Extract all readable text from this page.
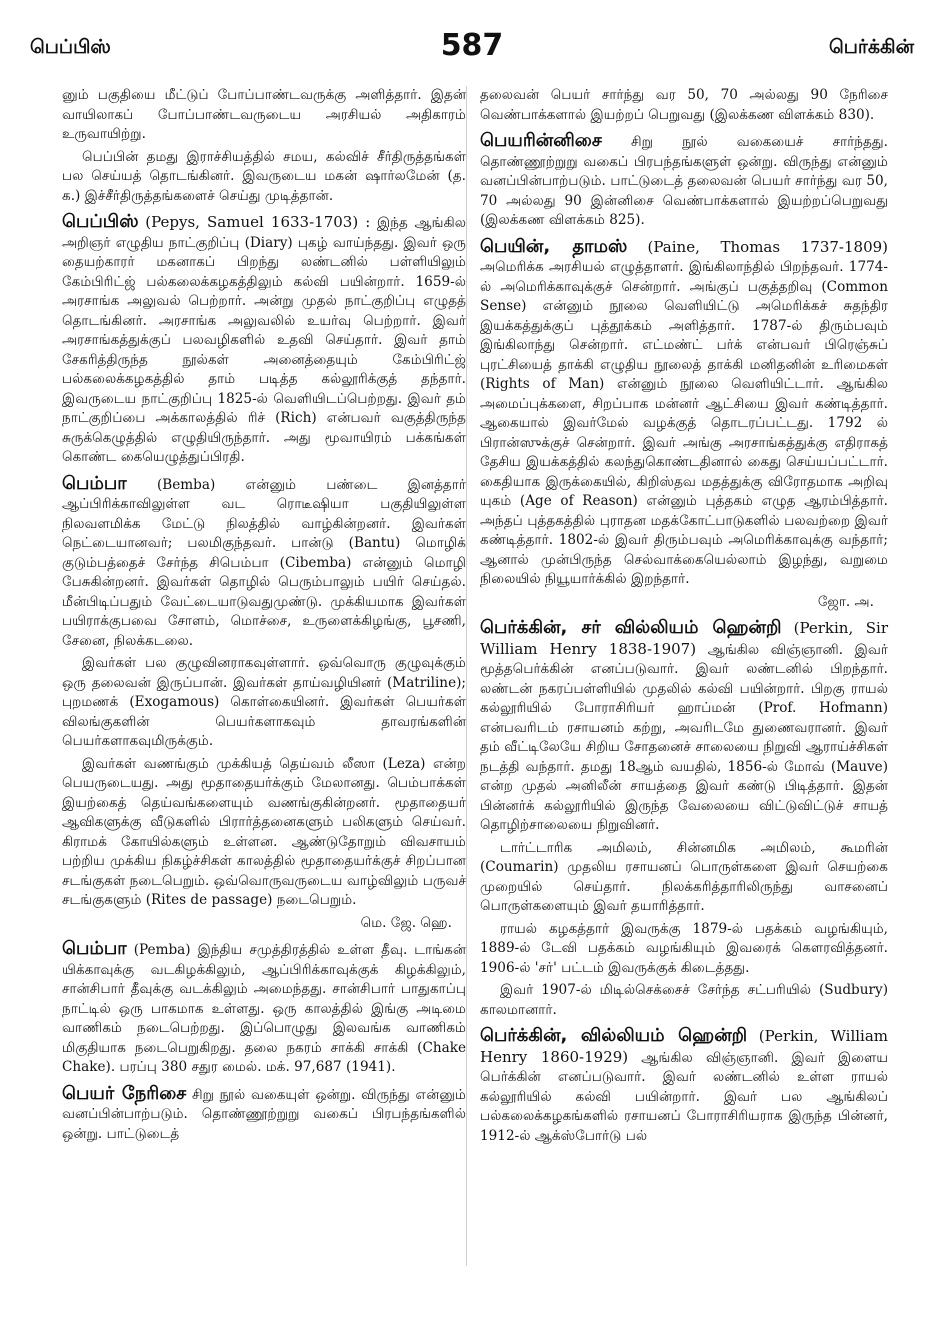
பெப்பிஸ்	587	பெர்க்கின்

னும் பகுதியை மீட்டுப் போப்பாண்டவருக்கு அளித்தார். இதன் வாயிலாகப் போப்பாண்டவருடைய அரசியல் அதிகாரம் உருவாயிற்று.

பெப்பின் தமது இராச்சியத்தில் சமய, கல்விச் சீர்திருத்தங்கள் பல செய்யத் தொடங்கினர். இவருடைய மகன் ஷார்லமேன் (த. க.) இச்சீர்திருத்தங்களைச் செய்து முடித்தான்.

பெப்பிஸ் (Pepys, Samuel 1633-1703) : இந்த ஆங்கில அறிஞர் எழுதிய நாட்குறிப்பு (Diary) புகழ் வாய்ந்தது. இவர் ஒரு தையற்காரர் மகனாகப் பிறந்து லண்டனில் பள்ளியிலும் கேம்பிரிட்ஜ் பல்கலைக்கழகத்திலும் கல்வி பயின்றார். 1659-ல் அரசாங்க அலுவல் பெற்றார். அன்று முதல் நாட்குறிப்பு எழுதத் தொடங்கினர். அரசாங்க அலுவலில் உயர்வு பெற்றார். இவர் அரசாங்கத்துக்குப் பலவழிகளில் உதவி செய்தார். இவர் தாம் சேகரித்திருந்த நூல்கள் அனைத்தையும் கேம்பிரிட்ஜ் பல்கலைக்கழகத்தில் தாம் படித்த கல்லூரிக்குத் தந்தார். இவருடைய நாட்குறிப்பு 1825-ல் வெளியிடப்பெற்றது. இவர் தம் நாட்குறிப்பை அக்காலத்தில் ரிச் (Rich) என்பவர் வகுத்திருந்த சுருக்கெழுத்தில் எழுதியிருந்தார். அது மூவாயிரம் பக்கங்கள் கொண்ட கையெழுத்துப்பிரதி.

பெம்பா (Bemba) என்னும் பண்டை இனத்தார் ஆப்பிரிக்காவிலுள்ள வட ரொடீஷியா பகுதியிலுள்ள நிலவளமிக்க மேட்டு நிலத்தில் வாழ்கின்றனர். இவர்கள் நெட்டையானவர்; பலமிகுந்தவர். பான்டு (Bantu) மொழிக் குடும்பத்தைச் சேர்ந்த சிபெம்பா (Cibemba) என்னும் மொழி பேசுகின்றனர். இவர்கள் தொழில் பெரும்பாலும் பயிர் செய்தல். மீன்பிடிப்பதும் வேட்டையாடுவதுமுண்டு. முக்கியமாக இவர்கள் பயிராக்குபவை சோளம், மொச்சை, உருளைக்கிழங்கு, பூசணி, சேனை, நிலக்கடலை.

இவர்கள் பல குழுவினராகவுள்ளார். ஒவ்வொரு குழுவுக்கும் ஒரு தலைவன் இருப்பான். இவர்கள் தாய்வழியினர் (Matriline); புறமணக் (Exogamous) கொள்கையினர். இவர்கள் பெயர்கள் விலங்குகளின் பெயர்களாகவும் தாவரங்களின் பெயர்களாகவுமிருக்கும்.

இவர்கள் வணங்கும் முக்கியத் தெய்வம் லீஸா (Leza) என்ற பெயருடையது. அது மூதாதையர்க்கும் மேலானது. பெம்பாக்கள் இயற்கைத் தெய்வங்களையும் வணங்குகின்றனர். மூதாதையர் ஆவிகளுக்கு வீடுகளில் பிரார்த்தனைகளும் பலிகளும் செய்வர். கிராமக் கோயில்களும் உள்ளன. ஆண்டுதோறும் விவசாயம் பற்றிய முக்கிய நிகழ்ச்சிகள் காலத்தில் மூதாதையர்க்குச் சிறப்பான சடங்குகள் நடைபெறும். ஒவ்வொருவருடைய வாழ்விலும் பருவச் சடங்குகளும் (Rites de passage) நடைபெறும்.

மெ. ஜே. ஹெ.

பெம்பா (Pemba) இந்திய சமுத்திரத்தில் உள்ள தீவு. டாங்கன் யிக்காவுக்கு வடகிழக்கிலும், ஆப்பிரிக்காவுக்குக் கிழக்கிலும், சான்சிபார் தீவுக்கு வடக்கிலும் அமைந்தது. சான்சிபார் பாதுகாப்பு நாட்டில் ஒரு பாகமாக உள்ளது. ஒரு காலத்தில் இங்கு அடிமை வாணிகம் நடைபெற்றது. இப்பொழுது இலவங்க வாணிகம் மிகுதியாக நடைபெறுகிறது. தலை நகரம் சாக்கி சாக்கி (Chake Chake). பரப்பு 380 சதுர மைல். மக். 97,687 (1941).

பெயர் நேரிசை சிறு நூல் வகையுள் ஒன்று. விருந்து என்னும் வனப்பின்பாற்படும். தொண்ணூற்றுறு வகைப் பிரபந்தங்களில் ஒன்று. பாட்டுடைத்

தலைவன் பெயர் சார்ந்து வர 50, 70 அல்லது 90 நேரிசை வெண்பாக்களால் இயற்றப் பெறுவது (இலக்கண விளக்கம் 830).

பெயரின்னிசை சிறு நூல் வகையைச் சார்ந்தது. தொண்ணூற்றுறு வகைப் பிரபந்தங்களுள் ஒன்று. விருந்து என்னும் வனப்பின்பாற்படும். பாட்டுடைத் தலைவன் பெயர் சார்ந்து வர 50, 70 அல்லது 90 இன்னிசை வெண்பாக்களால் இயற்றப்பெறுவது (இலக்கண விளக்கம் 825).

பெயின், தாமஸ் (Paine, Thomas 1737-1809) அமெரிக்க அரசியல் எழுத்தாளர். இங்கிலாந்தில் பிறந்தவர். 1774-ல் அமெரிக்காவுக்குச் சென்றார். அங்குப் பகுத்தறிவு (Common Sense) என்னும் நூலை வெளியிட்டு அமெரிக்கச் சுதந்திர இயக்கத்துக்குப் புத்தூக்கம் அளித்தார். 1787-ல் திரும்பவும் இங்கிலாந்து சென்றார். எட்மண்ட் பர்க் என்பவர் பிரெஞ்சுப் புரட்சியைத் தாக்கி எழுதிய நூலைத் தாக்கி மனிதனின் உரிமைகள் (Rights of Man) என்னும் நூலை வெளியிட்டார். ஆங்கில அமைப்புக்களை, சிறப்பாக மன்னர் ஆட்சியை இவர் கண்டித்தார். ஆகையால் இவர்மேல் வழக்குத் தொடரப்பட்டது. 1792 ல் பிரான்ஸுக்குச் சென்றார். இவர் அங்கு அரசாங்கத்துக்கு எதிராகத் தேசிய இயக்கத்தில் கலந்துகொண்டதினால் கைது செய்யப்பட்டார். கைதியாக இருக்கையில், கிறிஸ்தவ மதத்துக்கு விரோதமாக அறிவு யுகம் (Age of Reason) என்னும் புத்தகம் எழுத ஆரம்பித்தார். அந்தப் புத்தகத்தில் புராதன மதக்கோட்பாடுகளில் பலவற்றை இவர் கண்டித்தார். 1802-ல் இவர் திரும்பவும் அமெரிக்காவுக்கு வந்தார்; ஆனால் முன்பிருந்த செல்வாக்கையெல்லாம் இழந்து, வறுமை நிலையில் நியூயார்க்கில் இறந்தார்.

ஜோ. அ.

பெர்க்கின், சர் வில்லியம் ஹென்றி (Perkin, Sir William Henry 1838-1907) ஆங்கில விஞ்ஞானி. இவர் மூத்தபெர்க்கின் எனப்படுவார். இவர் லண்டனில் பிறந்தார். லண்டன் நகரப்பள்ளியில் முதலில் கல்வி பயின்றார். பிறகு ராயல் கல்லூரியில் போராசிரியர் ஹாப்மன் (Prof. Hofmann) என்பவரிடம் ரசாயனம் கற்று, அவரிடமே துணைவரானர். இவர் தம் வீட்டிலேயே சிறிய சோதனைச் சாலையை நிறுவி ஆராய்ச்சிகள் நடத்தி வந்தார். தமது 18ஆம் வயதில், 1856-ல் மோவ் (Mauve) என்ற முதல் அனிலீன் சாயத்தை இவர் கண்டு பிடித்தார். இதன் பின்னர்க் கல்லூரியில் இருந்த வேலையை விட்டுவிட்டுச் சாயத் தொழிற்சாலையை நிறுவினர்.

டார்ட்டாரிக அமிலம், சின்னமிக அமிலம், கூமரின் (Coumarin) முதலிய ரசாயனப் பொருள்களை இவர் செயற்கை முறையில் செய்தார். நிலக்கரித்தாரிலிருந்து வாசனைப் பொருள்களையும் இவர் தயாரித்தார்.

ராயல் கழகத்தார் இவருக்கு 1879-ல் பதக்கம் வழங்கியும், 1889-ல் டேவி பதக்கம் வழங்கியும் இவரைக் கௌரவித்தனர். 1906-ல் 'சர்' பட்டம் இவருக்குக் கிடைத்தது.

இவர் 1907-ல் மிடில்செக்சைச் சேர்ந்த சட்பரியில் (Sudbury) காலமானார்.

பெர்க்கின், வில்லியம் ஹென்றி (Perkin, William Henry 1860-1929) ஆங்கில விஞ்ஞானி. இவர் இளைய பெர்க்கின் எனப்படுவார். இவர் லண்டனில் உள்ள ராயல் கல்லூரியில் கல்வி பயின்றார். இவர் பல ஆங்கிலப் பல்கலைக்கழகங்களில் ரசாயனப் போராசிரியராக இருந்த பின்னர், 1912-ல் ஆக்ஸ்போர்டு பல்
